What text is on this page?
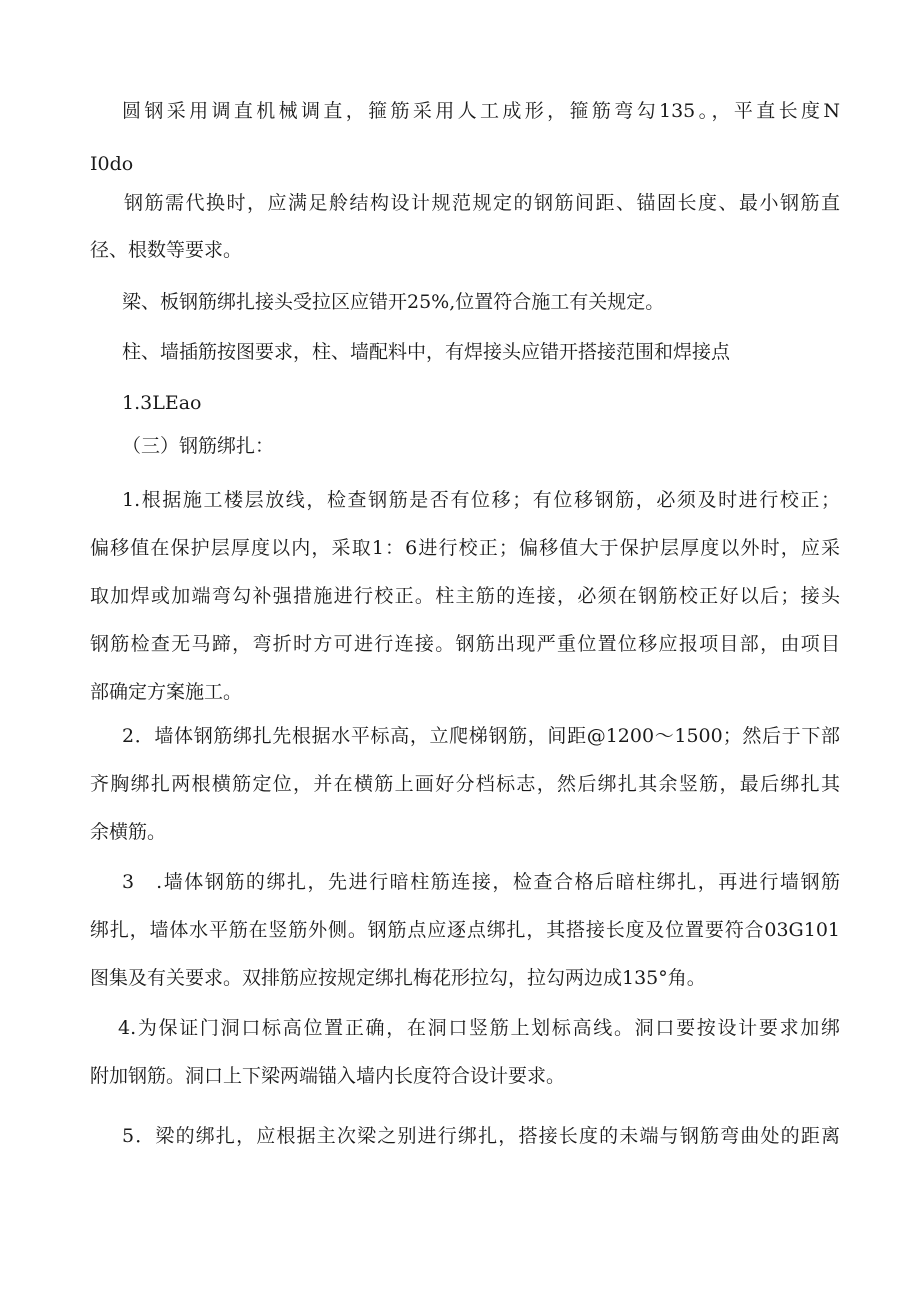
圆钢采用调直机械调直，箍筋采用人工成形，箍筋弯勾135。，平直长度N
I0do
钢筋需代换时，应满足舲结构设计规范规定的钢筋间距、锚固长度、最小钢筋直
径、根数等要求。
梁、板钢筋绑扎接头受拉区应错开25%,位置符合施工有关规定。
柱、墙插筋按图要求，柱、墙配料中，有焊接头应错开搭接范围和焊接点
1.3LEao
（三）钢筋绑扎：
1.根据施工楼层放线，检查钢筋是否有位移；有位移钢筋，必须及时进行校正；
偏移值在保护层厚度以内，采取1：6进行校正；偏移值大于保护层厚度以外时，应采
取加焊或加端弯勾补强措施进行校正。柱主筋的连接，必须在钢筋校正好以后；接头
钢筋检查无马蹄，弯折时方可进行连接。钢筋出现严重位置位移应报项目部，由项目
部确定方案施工。
2．墙体钢筋绑扎先根据水平标高，立爬梯钢筋，间距@1200～1500；然后于下部
齐胸绑扎两根横筋定位，并在横筋上画好分档标志，然后绑扎其余竖筋，最后绑扎其
余横筋。
3　.墙体钢筋的绑扎，先进行暗柱筋连接，检查合格后暗柱绑扎，再进行墙钢筋
绑扎，墙体水平筋在竖筋外侧。钢筋点应逐点绑扎，其搭接长度及位置要符合03G101
图集及有关要求。双排筋应按规定绑扎梅花形拉勾，拉勾两边成135°角。
4.为保证门洞口标高位置正确，在洞口竖筋上划标高线。洞口要按设计要求加绑
附加钢筋。洞口上下梁两端锚入墙内长度符合设计要求。
5．梁的绑扎，应根据主次梁之别进行绑扎，搭接长度的未端与钢筋弯曲处的距离
